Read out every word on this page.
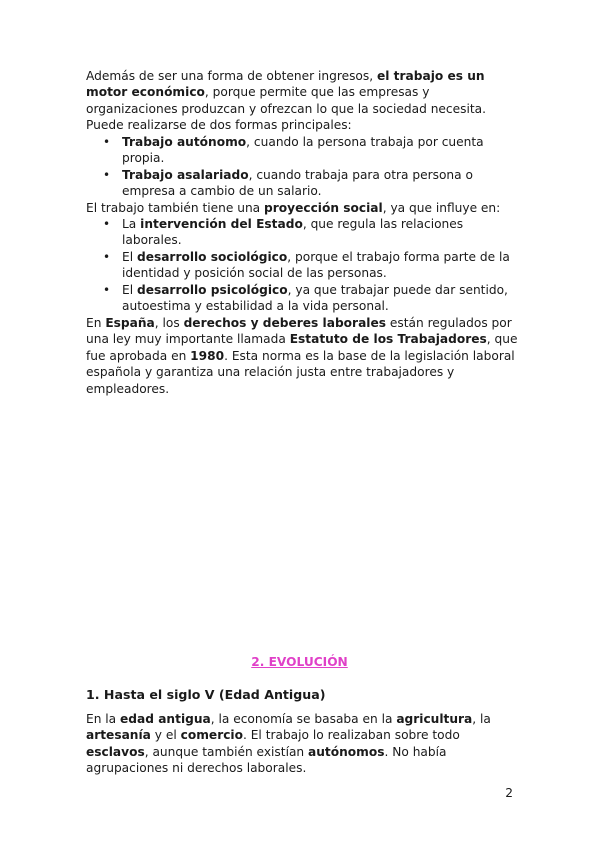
Además de ser una forma de obtener ingresos, el trabajo es un motor económico, porque permite que las empresas y organizaciones produzcan y ofrezcan lo que la sociedad necesita. Puede realizarse de dos formas principales:
• Trabajo autónomo, cuando la persona trabaja por cuenta propia.
• Trabajo asalariado, cuando trabaja para otra persona o empresa a cambio de un salario.
El trabajo también tiene una proyección social, ya que influye en:
• La intervención del Estado, que regula las relaciones laborales.
• El desarrollo sociológico, porque el trabajo forma parte de la identidad y posición social de las personas.
• El desarrollo psicológico, ya que trabajar puede dar sentido, autoestima y estabilidad a la vida personal.
En España, los derechos y deberes laborales están regulados por una ley muy importante llamada Estatuto de los Trabajadores, que fue aprobada en 1980. Esta norma es la base de la legislación laboral española y garantiza una relación justa entre trabajadores y empleadores.
2. EVOLUCIÓN
1. Hasta el siglo V (Edad Antigua)
En la edad antigua, la economía se basaba en la agricultura, la artesanía y el comercio. El trabajo lo realizaban sobre todo esclavos, aunque también existían autónomos. No había agrupaciones ni derechos laborales.
2
